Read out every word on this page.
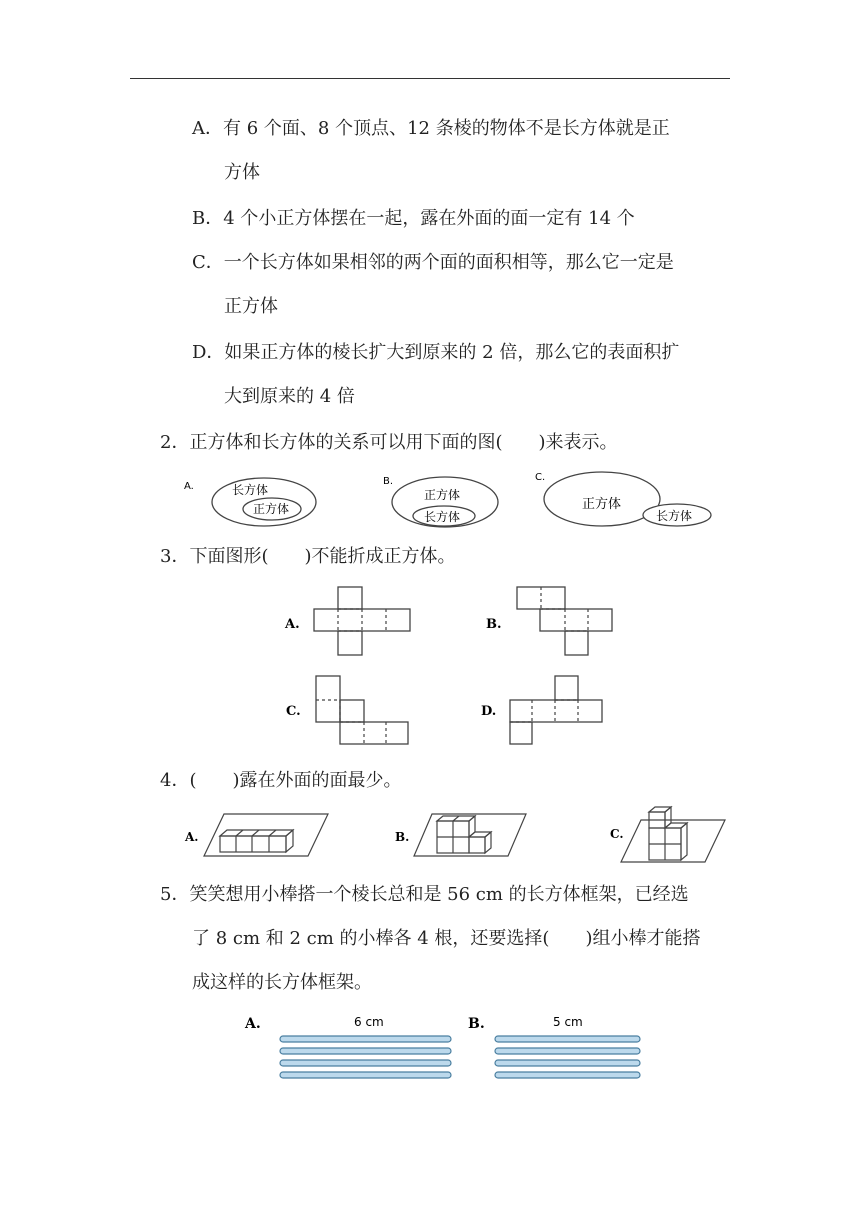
A．有 6 个面、8 个顶点、12 条棱的物体不是长方体就是正
方体
B．4 个小正方体摆在一起，露在外面的面一定有 14 个
C．一个长方体如果相邻的两个面的面积相等，那么它一定是
正方体
D．如果正方体的棱长扩大到原来的 2 倍，那么它的表面积扩
大到原来的 4 倍
2．正方体和长方体的关系可以用下面的图(　　)来表示。
A.	长方体
正方体
B.
正方体
长方体
C.
正方体
长方体
3．下面图形(　　)不能折成正方体。
A.	B.
C.	D.
4．(　　)露在外面的面最少。
A.	B.	C.
5．笑笑想用小棒搭一个棱长总和是 56 cm 的长方体框架，已经选
了 8 cm 和 2 cm 的小棒各 4 根，还要选择(　　)组小棒才能搭
成这样的长方体框架。
A.	6 cm	B.	5 cm
